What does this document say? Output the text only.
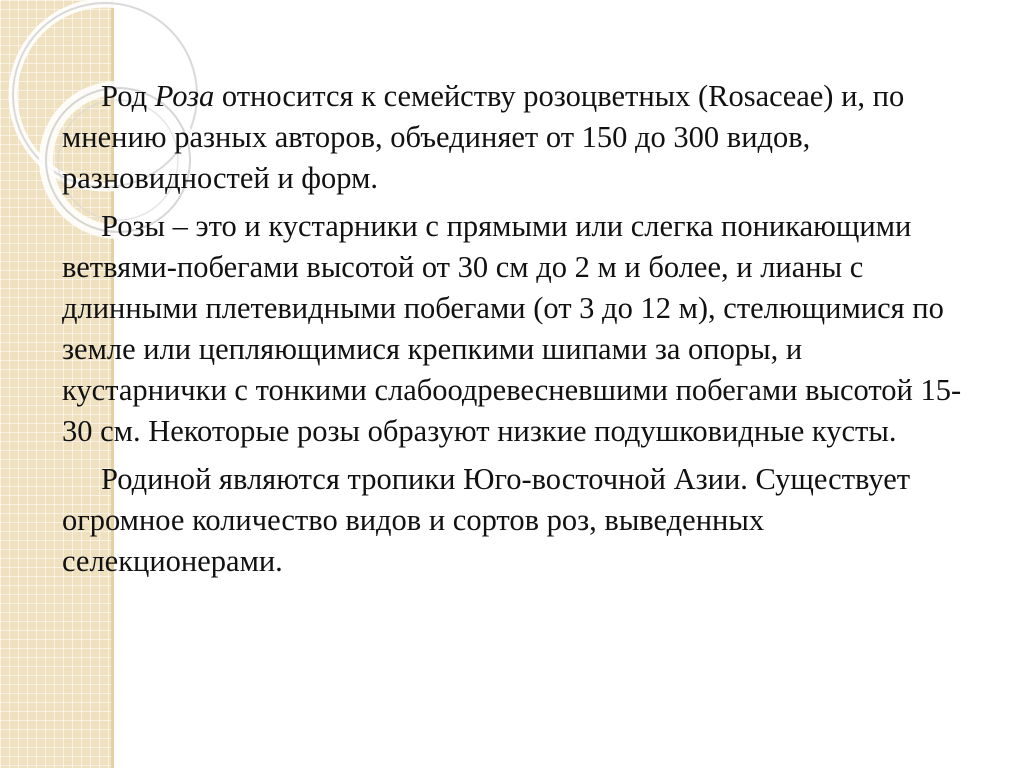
Род Роза относится к семейству розоцветных (Rosaceae) и, по мнению разных авторов, объединяет от 150 до 300 видов, разновидностей и форм.

Розы – это и кустарники с прямыми или слегка поникающими ветвями-побегами высотой от 30 см до 2 м и более, и лианы с длинными плетевидными побегами (от 3 до 12 м), стелющимися по земле или цепляющимися крепкими шипами за опоры, и кустарнички с тонкими слабоодревесневшими побегами высотой 15-30 см. Некоторые розы образуют низкие подушковидные кусты.

Родиной являются тропики Юго-восточной Азии. Существует огромное количество видов и сортов роз, выведенных селекционерами.
